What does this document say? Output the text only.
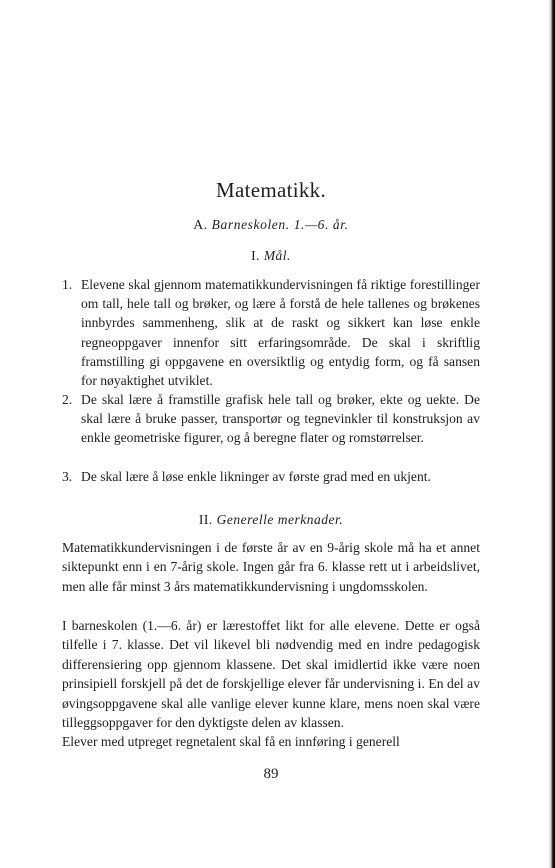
Matematikk.
A. Barneskolen. 1.—6. år.
I. Mål.
1. Elevene skal gjennom matematikkundervisningen få riktige forestillinger om tall, hele tall og brøker, og lære å forstå de hele tallenes og brøkenes innbyrdes sammenheng, slik at de raskt og sikkert kan løse enkle regneoppgaver innenfor sitt erfaringsområde. De skal i skriftlig framstilling gi oppgavene en oversiktlig og entydig form, og få sansen for nøyaktighet utviklet.
2. De skal lære å framstille grafisk hele tall og brøker, ekte og uekte. De skal lære å bruke passer, transportør og tegnevinkler til konstruksjon av enkle geometriske figurer, og å beregne flater og romstørrelser.
3. De skal lære å løse enkle likninger av første grad med en ukjent.
II. Generelle merknader.
Matematikkundervisningen i de første år av en 9-årig skole må ha et annet siktepunkt enn i en 7-årig skole. Ingen går fra 6. klasse rett ut i arbeidslivet, men alle får minst 3 års matematikkundervisning i ungdomsskolen.
I barneskolen (1.—6. år) er lærestoffet likt for alle elevene. Dette er også tilfelle i 7. klasse. Det vil likevel bli nødvendig med en indre pedagogisk differensiering opp gjennom klassene. Det skal imidlertid ikke være noen prinsipiell forskjell på det de forskjellige elever får undervisning i. En del av øvingsoppgavene skal alle vanlige elever kunne klare, mens noen skal være tilleggsoppgaver for den dyktigste delen av klassen.
Elever med utpreget regnetalent skal få en innføring i generell
89
